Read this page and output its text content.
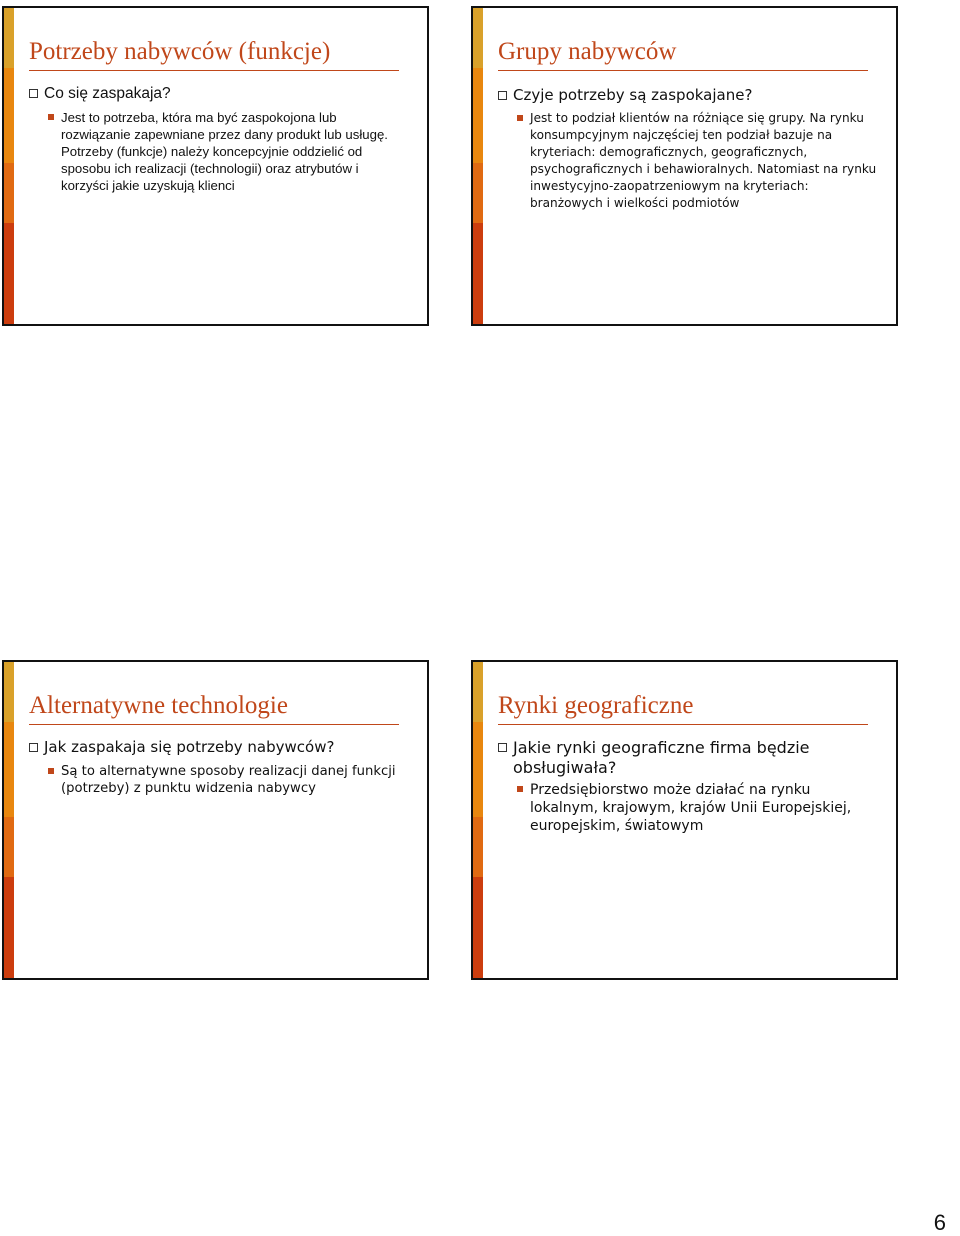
Potrzeby nabywców (funkcje)
Co się zaspakaja?
Jest to potrzeba, która ma być zaspokojona lub rozwiązanie zapewniane przez dany produkt lub usługę. Potrzeby (funkcje) należy koncepcyjnie oddzielić od sposobu ich realizacji (technologii) oraz atrybutów i korzyści jakie uzyskują klienci
Grupy nabywców
Czyje potrzeby są zaspokajane?
Jest to podział klientów na różniące się grupy. Na rynku konsumpcyjnym najczęściej ten podział bazuje na kryteriach: demograficznych, geograficznych, psychograficznych i behawioralnych. Natomiast na rynku inwestycyjno-zaopatrzeniowym na kryteriach: branżowych i wielkości podmiotów
Alternatywne technologie
Jak zaspakaja się potrzeby nabywców?
Są to alternatywne sposoby realizacji danej funkcji (potrzeby) z punktu widzenia nabywcy
Rynki geograficzne
Jakie rynki geograficzne firma będzie obsługiwała?
Przedsiębiorstwo może działać na rynku lokalnym, krajowym, krajów Unii Europejskiej, europejskim, światowym
6
